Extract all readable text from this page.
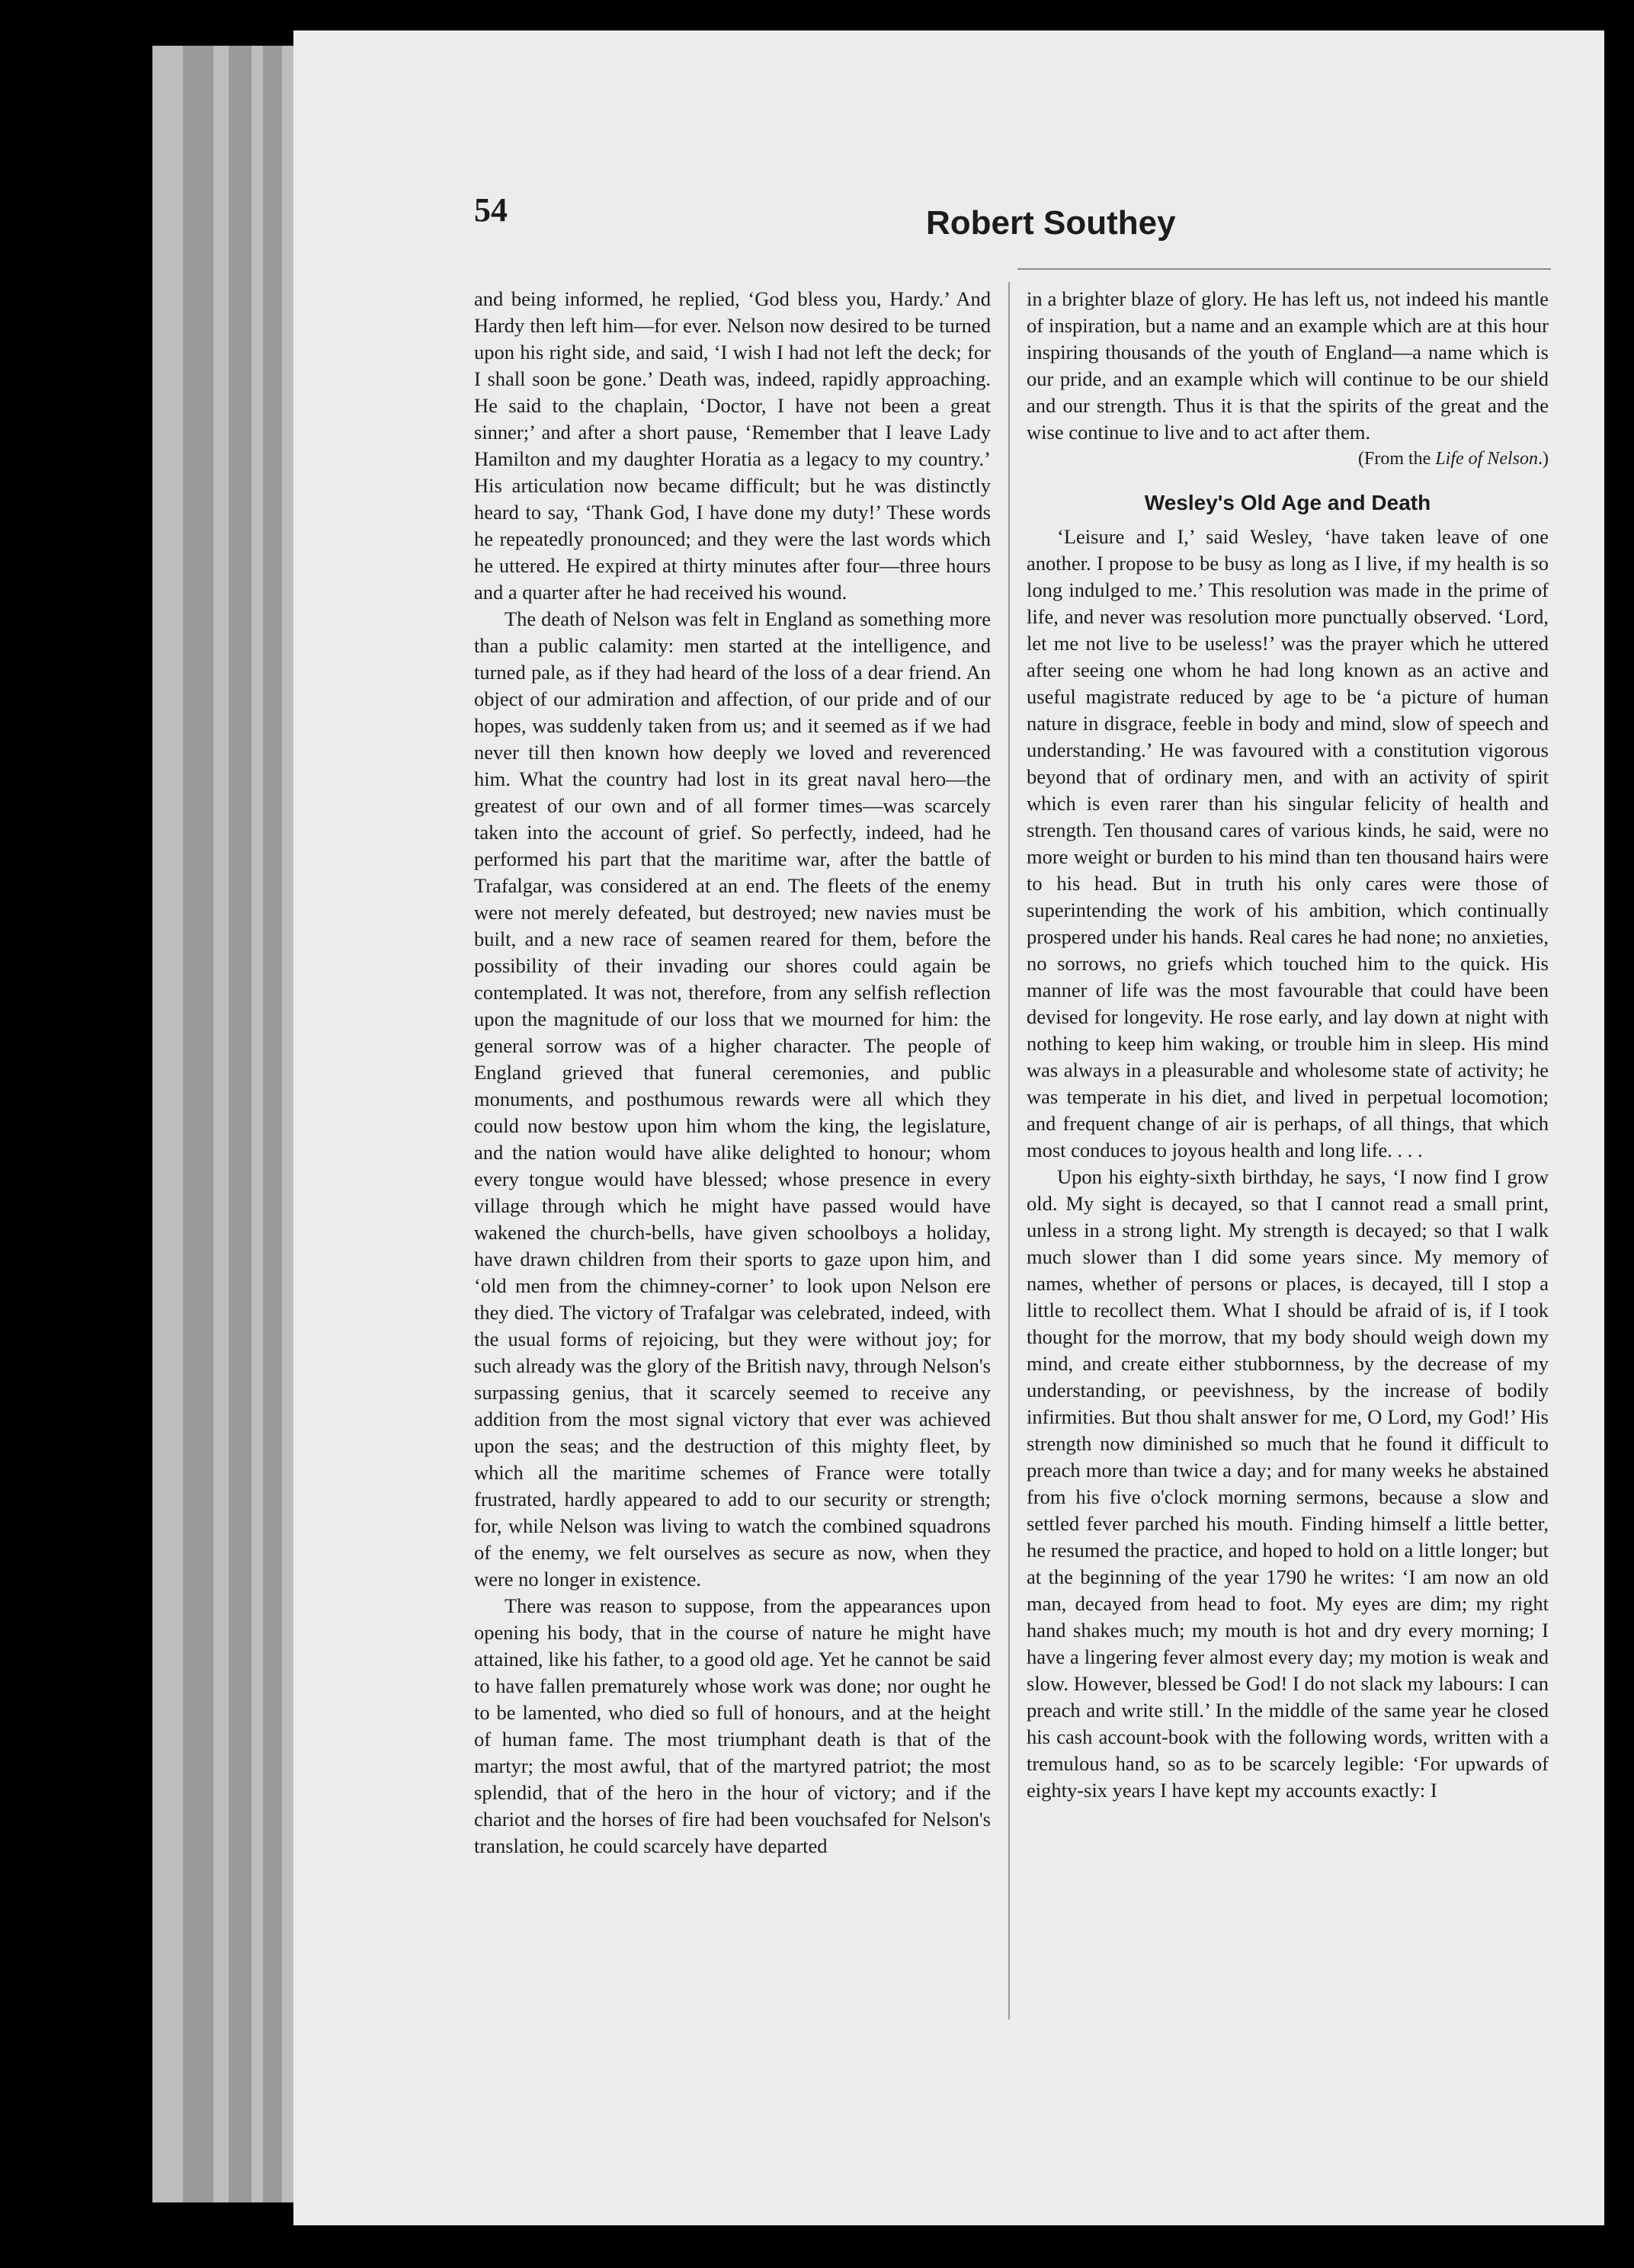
54	Robert Southey

and being informed, he replied, ‘God bless you, Hardy.’ And Hardy then left him—for ever. Nelson now desired to be turned upon his right side, and said, ‘I wish I had not left the deck; for I shall soon be gone.’ Death was, indeed, rapidly approaching. He said to the chaplain, ‘Doctor, I have not been a great sinner;’ and after a short pause, ‘Remember that I leave Lady Hamilton and my daughter Horatia as a legacy to my country.’ His articulation now became difficult; but he was distinctly heard to say, ‘Thank God, I have done my duty!’ These words he repeatedly pronounced; and they were the last words which he uttered. He expired at thirty minutes after four—three hours and a quarter after he had received his wound.

The death of Nelson was felt in England as something more than a public calamity: men started at the intelligence, and turned pale, as if they had heard of the loss of a dear friend. An object of our admiration and affection, of our pride and of our hopes, was suddenly taken from us; and it seemed as if we had never till then known how deeply we loved and reverenced him. What the country had lost in its great naval hero—the greatest of our own and of all former times—was scarcely taken into the account of grief. So perfectly, indeed, had he performed his part that the maritime war, after the battle of Trafalgar, was considered at an end. The fleets of the enemy were not merely defeated, but destroyed; new navies must be built, and a new race of seamen reared for them, before the possibility of their invading our shores could again be contemplated. It was not, therefore, from any selfish reflection upon the magnitude of our loss that we mourned for him: the general sorrow was of a higher character. The people of England grieved that funeral ceremonies, and public monuments, and posthumous rewards were all which they could now bestow upon him whom the king, the legislature, and the nation would have alike delighted to honour; whom every tongue would have blessed; whose presence in every village through which he might have passed would have wakened the church-bells, have given schoolboys a holiday, have drawn children from their sports to gaze upon him, and ‘old men from the chimney-corner’ to look upon Nelson ere they died. The victory of Trafalgar was celebrated, indeed, with the usual forms of rejoicing, but they were without joy; for such already was the glory of the British navy, through Nelson's surpassing genius, that it scarcely seemed to receive any addition from the most signal victory that ever was achieved upon the seas; and the destruction of this mighty fleet, by which all the maritime schemes of France were totally frustrated, hardly appeared to add to our security or strength; for, while Nelson was living to watch the combined squadrons of the enemy, we felt ourselves as secure as now, when they were no longer in existence.

There was reason to suppose, from the appearances upon opening his body, that in the course of nature he might have attained, like his father, to a good old age. Yet he cannot be said to have fallen prematurely whose work was done; nor ought he to be lamented, who died so full of honours, and at the height of human fame. The most triumphant death is that of the martyr; the most awful, that of the martyred patriot; the most splendid, that of the hero in the hour of victory; and if the chariot and the horses of fire had been vouchsafed for Nelson's translation, he could scarcely have departed

in a brighter blaze of glory. He has left us, not indeed his mantle of inspiration, but a name and an example which are at this hour inspiring thousands of the youth of England—a name which is our pride, and an example which will continue to be our shield and our strength. Thus it is that the spirits of the great and the wise continue to live and to act after them.

(From the Life of Nelson.)

Wesley's Old Age and Death

‘Leisure and I,’ said Wesley, ‘have taken leave of one another. I propose to be busy as long as I live, if my health is so long indulged to me.’ This resolution was made in the prime of life, and never was resolution more punctually observed. ‘Lord, let me not live to be useless!’ was the prayer which he uttered after seeing one whom he had long known as an active and useful magistrate reduced by age to be ‘a picture of human nature in disgrace, feeble in body and mind, slow of speech and understanding.’ He was favoured with a constitution vigorous beyond that of ordinary men, and with an activity of spirit which is even rarer than his singular felicity of health and strength. Ten thousand cares of various kinds, he said, were no more weight or burden to his mind than ten thousand hairs were to his head. But in truth his only cares were those of superintending the work of his ambition, which continually prospered under his hands. Real cares he had none; no anxieties, no sorrows, no griefs which touched him to the quick. His manner of life was the most favourable that could have been devised for longevity. He rose early, and lay down at night with nothing to keep him waking, or trouble him in sleep. His mind was always in a pleasurable and wholesome state of activity; he was temperate in his diet, and lived in perpetual locomotion; and frequent change of air is perhaps, of all things, that which most conduces to joyous health and long life. . . .

Upon his eighty-sixth birthday, he says, ‘I now find I grow old. My sight is decayed, so that I cannot read a small print, unless in a strong light. My strength is decayed; so that I walk much slower than I did some years since. My memory of names, whether of persons or places, is decayed, till I stop a little to recollect them. What I should be afraid of is, if I took thought for the morrow, that my body should weigh down my mind, and create either stubbornness, by the decrease of my understanding, or peevishness, by the increase of bodily infirmities. But thou shalt answer for me, O Lord, my God!’ His strength now diminished so much that he found it difficult to preach more than twice a day; and for many weeks he abstained from his five o'clock morning sermons, because a slow and settled fever parched his mouth. Finding himself a little better, he resumed the practice, and hoped to hold on a little longer; but at the beginning of the year 1790 he writes: ‘I am now an old man, decayed from head to foot. My eyes are dim; my right hand shakes much; my mouth is hot and dry every morning; I have a lingering fever almost every day; my motion is weak and slow. However, blessed be God! I do not slack my labours: I can preach and write still.’ In the middle of the same year he closed his cash account-book with the following words, written with a tremulous hand, so as to be scarcely legible: ‘For upwards of eighty-six years I have kept my accounts exactly: I
